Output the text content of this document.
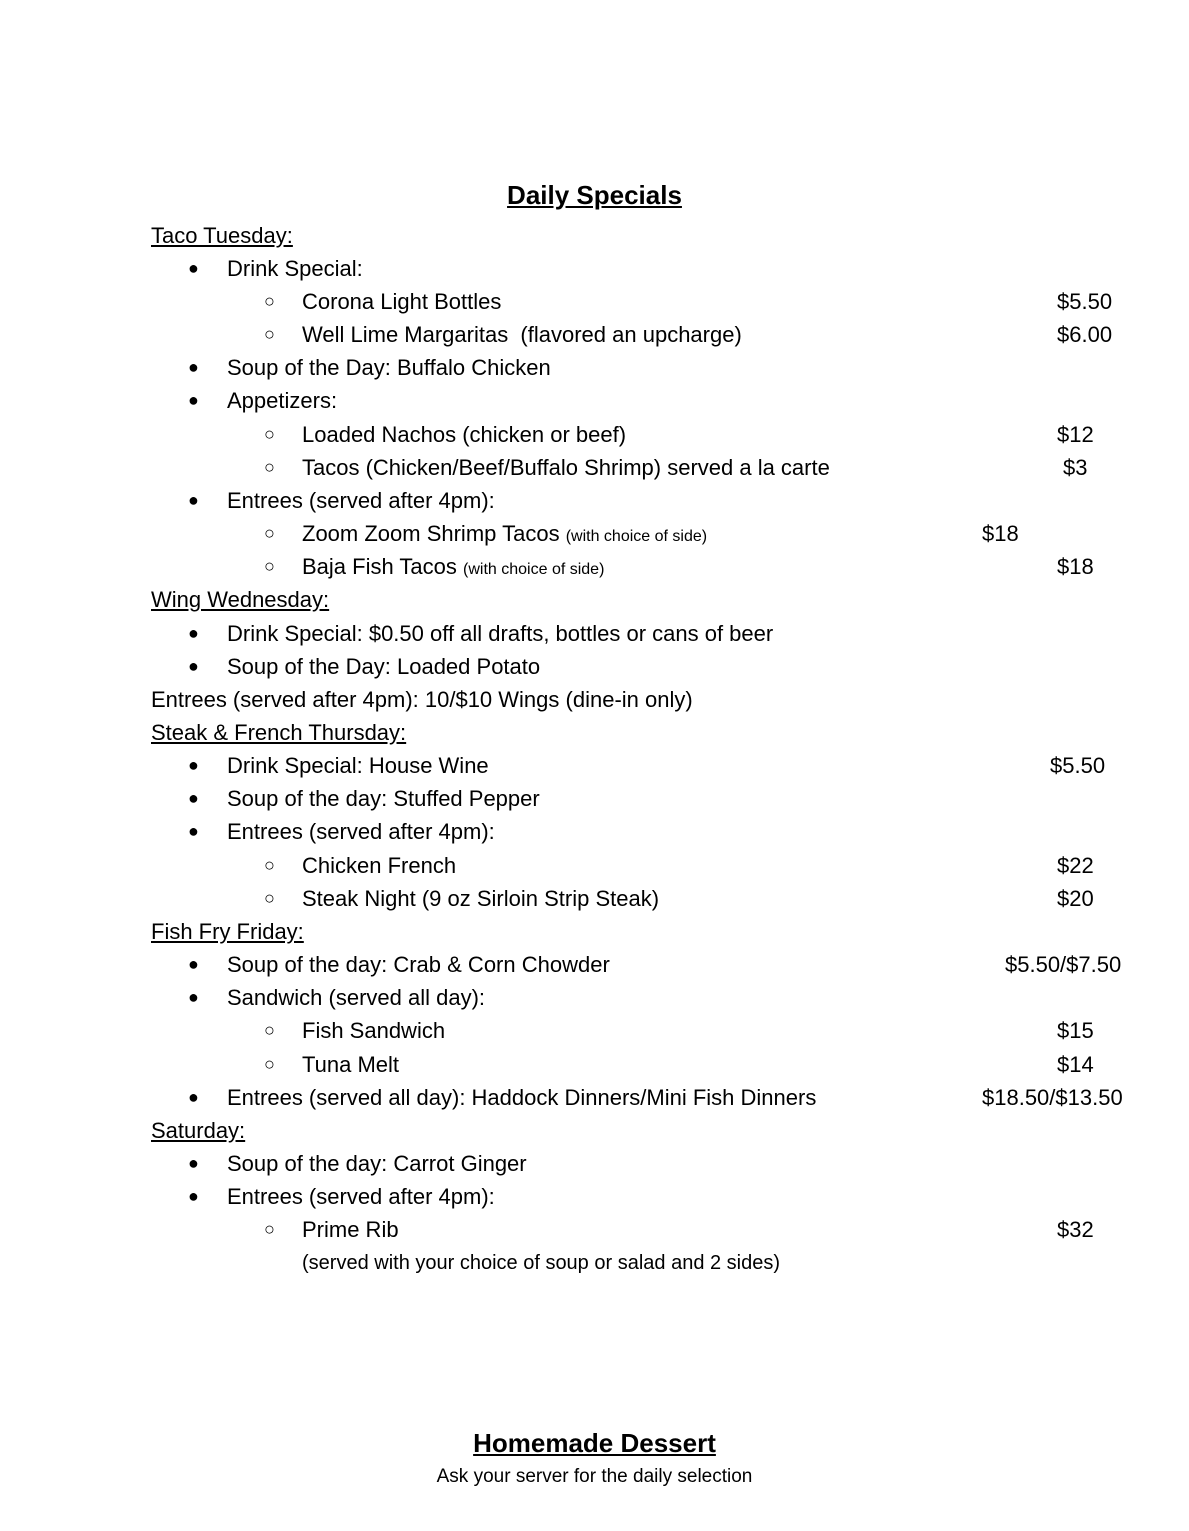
Daily Specials
Taco Tuesday:
● Drink Special:
○ Corona Light Bottles	$5.50
○ Well Lime Margaritas  (flavored an upcharge)	$6.00
● Soup of the Day: Buffalo Chicken
● Appetizers:
○ Loaded Nachos (chicken or beef)	$12
○ Tacos (Chicken/Beef/Buffalo Shrimp) served a la carte	$3
● Entrees (served after 4pm):
○ Zoom Zoom Shrimp Tacos (with choice of side)	$18
○ Baja Fish Tacos (with choice of side)	$18
Wing Wednesday:
● Drink Special: $0.50 off all drafts, bottles or cans of beer
● Soup of the Day: Loaded Potato
Entrees (served after 4pm): 10/$10 Wings (dine-in only)
Steak & French Thursday:
● Drink Special: House Wine	$5.50
● Soup of the day: Stuffed Pepper
● Entrees (served after 4pm):
○ Chicken French	$22
○ Steak Night (9 oz Sirloin Strip Steak)	$20
Fish Fry Friday:
● Soup of the day: Crab & Corn Chowder	$5.50/$7.50
● Sandwich (served all day):
○ Fish Sandwich	$15
○ Tuna Melt	$14
● Entrees (served all day): Haddock Dinners/Mini Fish Dinners	$18.50/$13.50
Saturday:
● Soup of the day: Carrot Ginger
● Entrees (served after 4pm):
○ Prime Rib	$32
(served with your choice of soup or salad and 2 sides)
Homemade Dessert
Ask your server for the daily selection
